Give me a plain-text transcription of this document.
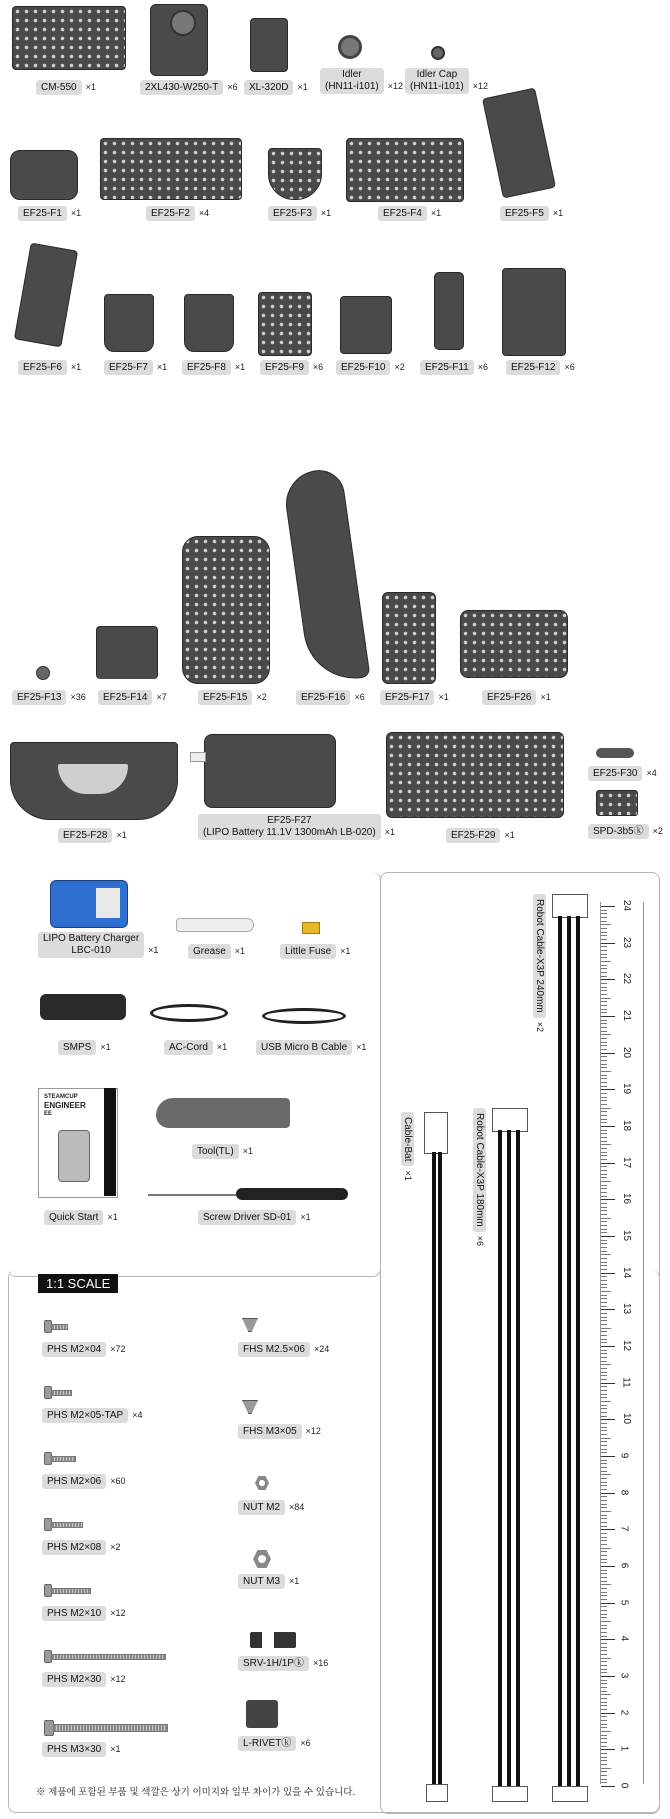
CM-550 ×1	2XL430-W250-T ×6	XL-320D ×1
Idler
(HN11-i101) ×12
Idler Cap
(HN11-i101) ×12
EF25-F1 ×1	EF25-F2 ×4	EF25-F3 ×1	EF25-F4 ×1	EF25-F5 ×1
EF25-F6 ×1	EF25-F7 ×1	EF25-F8 ×1	EF25-F9 ×6	EF25-F10 ×2	EF25-F11 ×6	EF25-F12 ×6
EF25-F13 ×36	EF25-F14 ×7	EF25-F15 ×2	EF25-F16 ×6	EF25-F17 ×1	EF25-F26 ×1
EF25-F28 ×1
EF25-F27
(LIPO Battery 11.1V 1300mAh LB-020) ×1	EF25-F29 ×1
EF25-F30 ×4
SPD-3b5ⓚ ×2
LIPO Battery Charger
LBC-010	×1	Grease ×1	Little Fuse ×1
SMPS ×1	AC-Cord ×1	USB Micro B Cable ×1
STEAMCUP
ENGINEER
EE
Quick Start ×1
Tool(TL) ×1
Screw Driver SD-01 ×1
Cable-Bat×1	Robot Cable-X3P 180mm×6
Robot Cable-X3P 240mm×2
24
23
22
21
20
19
18
17
16
15
14
13
12
11
10
9
8
7
6
5
4
3
2
1
0
1:1 SCALE
PHS M2×04 ×72
PHS M2×05-TAP ×4
PHS M2×06 ×60
PHS M2×08 ×2
PHS M2×10 ×12
PHS M2×30 ×12
PHS M3×30 ×1
FHS M2.5×06 ×24
FHS M3×05 ×12
NUT M2 ×84
NUT M3 ×1
SRV-1H/1Pⓚ ×16
L-RIVETⓚ ×6
※ 제품에 포함된 부품 및 색깔은 상기 이미지와 일부 차이가 있을 수 있습니다.
